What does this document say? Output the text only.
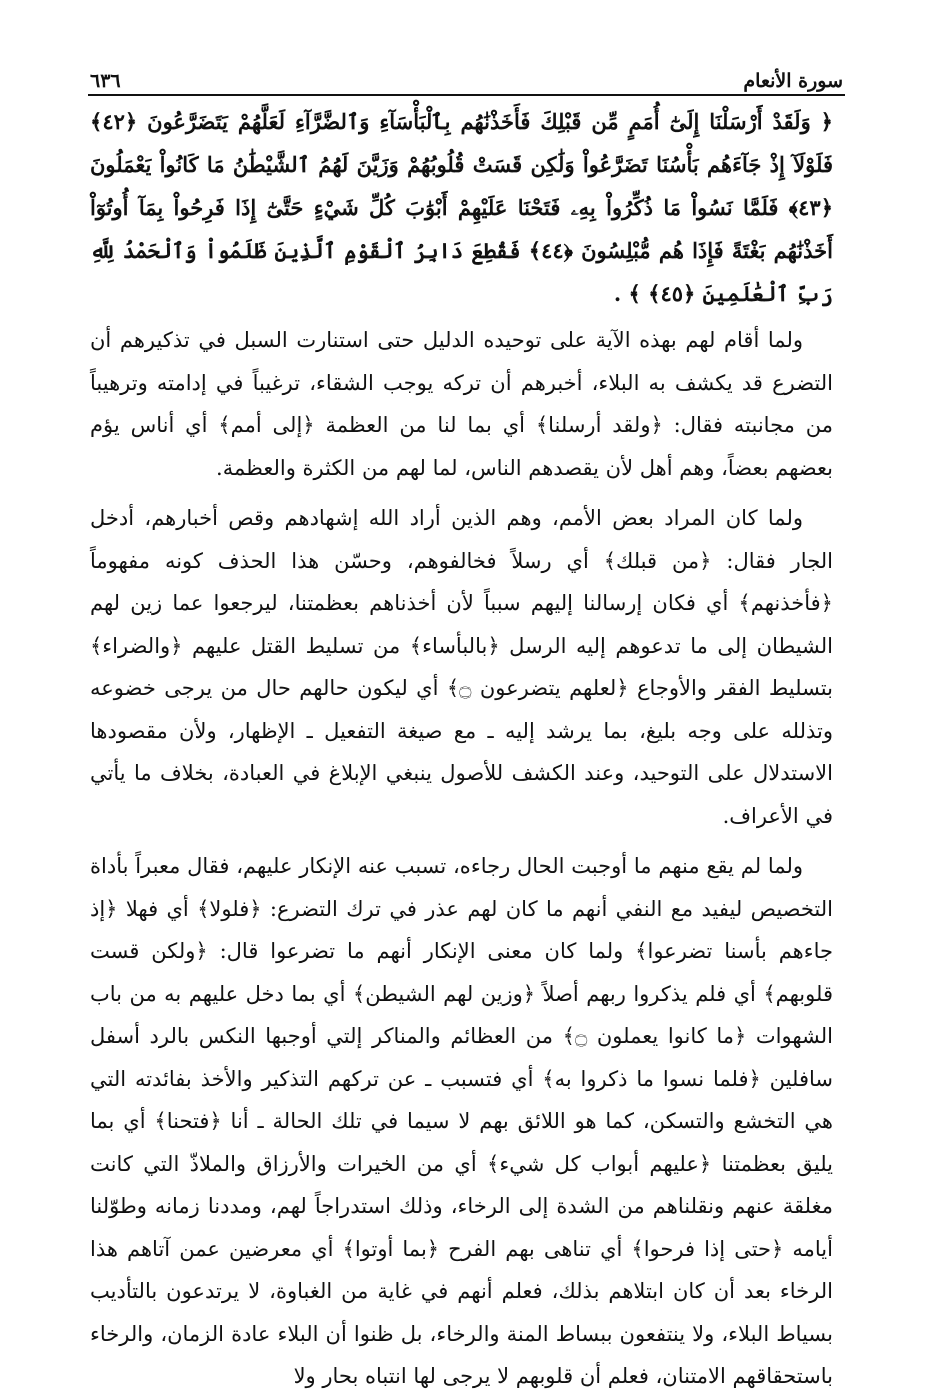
٦٣٦	سورة الأنعام

﴿ وَلَقَدْ أَرْسَلْنَا إِلَىٰٓ أُمَمٍ مِّن قَبْلِكَ فَأَخَذْنَٰهُم بِٱلْبَأْسَآءِ وَٱلضَّرَّآءِ لَعَلَّهُمْ يَتَضَرَّعُونَ ﴿٤٢﴾ فَلَوْلَآ إِذْ جَآءَهُم بَأْسُنَا تَضَرَّعُواْ وَلَٰكِن قَسَتْ قُلُوبُهُمْ وَزَيَّنَ لَهُمُ ٱلشَّيْطَٰنُ مَا كَانُواْ يَعْمَلُونَ ﴿٤٣﴾ فَلَمَّا نَسُواْ مَا ذُكِّرُواْ بِهِۦ فَتَحْنَا عَلَيْهِمْ أَبْوَٰبَ كُلِّ شَيْءٍ حَتَّىٰٓ إِذَا فَرِحُواْ بِمَآ أُوتُوٓاْ أَخَذْنَٰهُم بَغْتَةً فَإِذَا هُم مُّبْلِسُونَ ﴿٤٤﴾ فَقُطِعَ دَابِرُ ٱلْقَوْمِ ٱلَّذِينَ ظَلَمُواْ وَٱلْحَمْدُ لِلَّهِ رَبِّ ٱلْعَٰلَمِينَ ﴿٤٥﴾ ﴾ .

ولما أقام لهم بهذه الآية على توحيده الدليل حتى استنارت السبل في تذكيرهم أن التضرع قد يكشف به البلاء، أخبرهم أن تركه يوجب الشقاء، ترغيباً في إدامته وترهيباً من مجانبته فقال: ﴿ولقد أرسلنا﴾ أي بما لنا من العظمة ﴿إلى أمم﴾ أي أناس يؤم بعضهم بعضاً، وهم أهل لأن يقصدهم الناس، لما لهم من الكثرة والعظمة.

ولما كان المراد بعض الأمم، وهم الذين أراد الله إشهادهم وقص أخبارهم، أدخل الجار فقال: ﴿من قبلك﴾ أي رسلاً فخالفوهم، وحسّن هذا الحذف كونه مفهوماً ﴿فأخذنهم﴾ أي فكان إرسالنا إليهم سبباً لأن أخذناهم بعظمتنا، ليرجعوا عما زين لهم الشيطان إلى ما تدعوهم إليه الرسل ﴿بالبأساء﴾ من تسليط القتل عليهم ﴿والضراء﴾ بتسليط الفقر والأوجاع ﴿لعلهم يتضرعون ۝﴾ أي ليكون حالهم حال من يرجى خضوعه وتذلله على وجه بليغ، بما يرشد إليه ـ مع صيغة التفعيل ـ الإظهار، ولأن مقصودها الاستدلال على التوحيد، وعند الكشف للأصول ينبغي الإبلاغ في العبادة، بخلاف ما يأتي في الأعراف.

ولما لم يقع منهم ما أوجبت الحال رجاءه، تسبب عنه الإنكار عليهم، فقال معبراً بأداة التخصيص ليفيد مع النفي أنهم ما كان لهم عذر في ترك التضرع: ﴿فلولا﴾ أي فهلا ﴿إذ جاءهم بأسنا تضرعوا﴾ ولما كان معنى الإنكار أنهم ما تضرعوا قال: ﴿ولكن قست قلوبهم﴾ أي فلم يذكروا ربهم أصلاً ﴿وزين لهم الشيطن﴾ أي بما دخل عليهم به من باب الشهوات ﴿ما كانوا يعملون ۝﴾ من العظائم والمناكر إلتي أوجبها النكس بالرد أسفل سافلين ﴿فلما نسوا ما ذكروا به﴾ أي فتسبب ـ عن تركهم التذكير والأخذ بفائدته التي هي التخشع والتسكن، كما هو اللائق بهم لا سيما في تلك الحالة ـ أنا ﴿فتحنا﴾ أي بما يليق بعظمتنا ﴿عليهم أبواب كل شيء﴾ أي من الخيرات والأرزاق والملاذّ التي كانت مغلقة عنهم ونقلناهم من الشدة إلى الرخاء، وذلك استدراجاً لهم، ومددنا زمانه وطوّلنا أيامه ﴿حتى إذا فرحوا﴾ أي تناهى بهم الفرح ﴿بما أوتوا﴾ أي معرضين عمن آتاهم هذا الرخاء بعد أن كان ابتلاهم بذلك، فعلم أنهم في غاية من الغباوة، لا يرتدعون بالتأديب بسياط البلاء، ولا ينتفعون ببساط المنة والرخاء، بل ظنوا أن البلاء عادة الزمان، والرخاء باستحقاقهم الامتنان، فعلم أن قلوبهم لا يرجى لها انتباه بحار ولا
